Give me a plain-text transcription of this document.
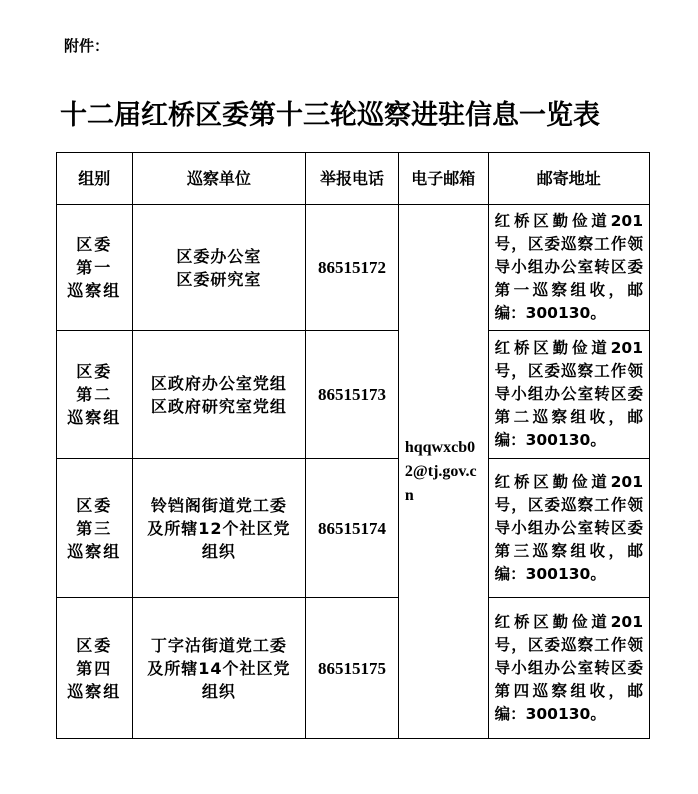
附件：
十二届红桥区委第十三轮巡察进驻信息一览表
组别	巡察单位	举报电话	电子邮箱	邮寄地址

区委
第一
巡察组	区委办公室
区委研究室	86515172	hqqwxcb02@tj.gov.cn	红桥区勤俭道201号，区委巡察工作领导小组办公室转区委第一巡察组收，邮编：300130。

区委
第二
巡察组	区政府办公室党组
区政府研究室党组	86515173		红桥区勤俭道201号，区委巡察工作领导小组办公室转区委第二巡察组收，邮编：300130。

区委
第三
巡察组	铃铛阁街道党工委
及所辖12个社区党
组织	86515174		红桥区勤俭道201号，区委巡察工作领导小组办公室转区委第三巡察组收，邮编：300130。

区委
第四
巡察组	丁字沽街道党工委
及所辖14个社区党
组织	86515175		红桥区勤俭道201号，区委巡察工作领导小组办公室转区委第四巡察组收，邮编：300130。
